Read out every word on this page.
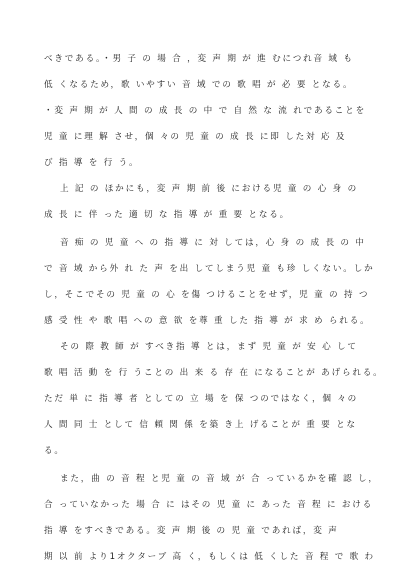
べきである。・男 子 の 場 合 ，変 声 期 が 進 むにつれ音 域 も
低 くなるため，歌 いやすい 音 域 での 歌 唱 が 必 要 となる。
・変 声 期 が 人 間 の 成 長 の 中 で 自 然 な 流 れであることを
児 童 に理 解 させ，個 々の 児 童 の 成 長 に即 した対 応 及
び 指 導 を 行 う。
上 記 の ほかにも，変 声 期 前 後 における児 童 の 心 身 の
成 長 に 伴 った 適 切 な 指 導 が 重 要 となる。
音 痴 の 児 童 へ の 指 導 に 対 しては，心 身 の 成 長 の 中
で 音 域 から外 れ た 声 を出 してしまう児 童 も珍 しくない。しか
し，そこでその 児 童 の 心 を傷 つけることをせず，児 童 の 持 つ
感 受 性 や 歌 唱 への 意 欲 を尊 重 した 指 導 が 求 め られる。
その 際 教 師 が すべき指 導 とは，まず 児 童 が 安 心 して
歌 唱 活 動 を 行 うことの 出 来 る 存 在 になることが あげられる。
ただ 単 に 指 導 者 としての 立 場 を 保 つのではなく，個 々の
人 間 同 士 として 信 頼 関 係 を築 き上 げることが 重 要 とな
る。
また，曲 の 音 程 と児 童 の 音 域 が 合 っているかを確 認 し，
合 っていなかった 場 合 に はその 児 童 に あった 音 程 に おける
指 導 をすべきである。変 声 期 後 の 児 童 であれば，変 声
期 以 前 より1オクターブ 高 く，もしくは 低 くした 音 程 で 歌 わ
